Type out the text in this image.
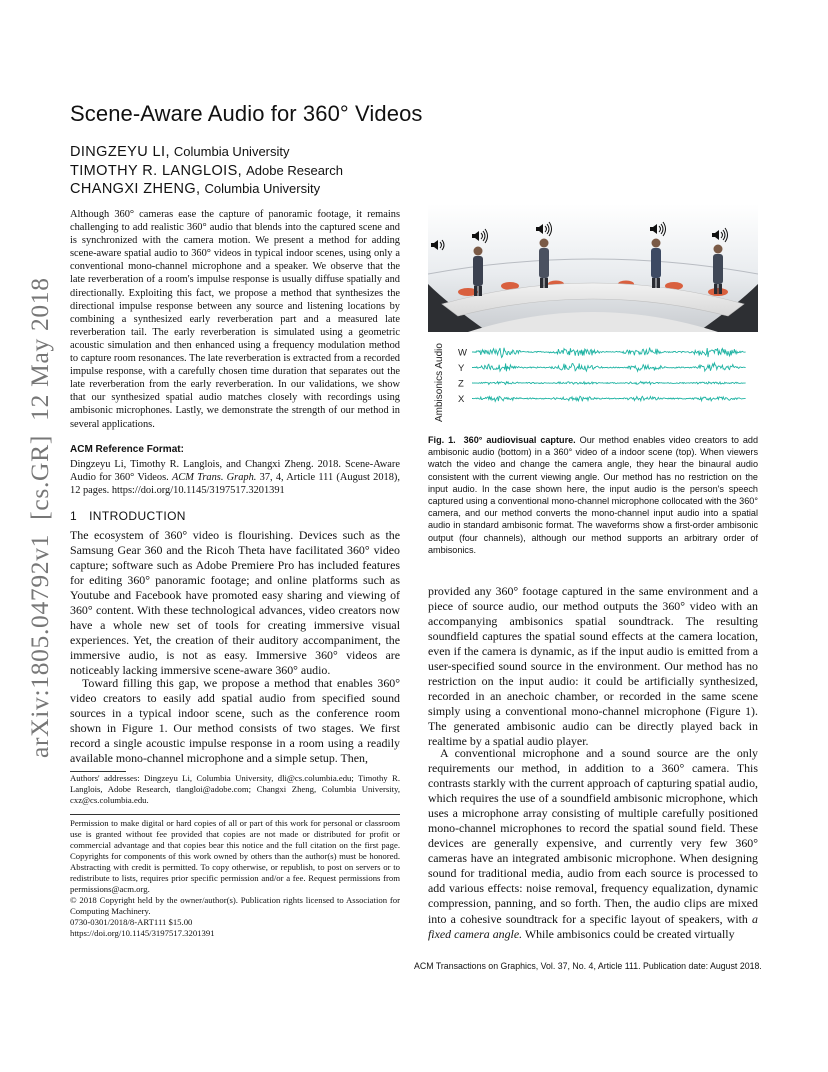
arXiv:1805.04792v1  [cs.GR]  12 May 2018
Scene-Aware Audio for 360° Videos
DINGZEYU LI, Columbia University
TIMOTHY R. LANGLOIS, Adobe Research
CHANGXI ZHENG, Columbia University

Although 360° cameras ease the capture of panoramic footage, it remains challenging to add realistic 360° audio that blends into the captured scene and is synchronized with the camera motion. We present a method for adding scene-aware spatial audio to 360° videos in typical indoor scenes, using only a conventional mono-channel microphone and a speaker. We observe that the late reverberation of a room's impulse response is usually diffuse spatially and directionally. Exploiting this fact, we propose a method that synthesizes the directional impulse response between any source and listening locations by combining a synthesized early reverberation part and a measured late reverberation tail. The early reverberation is simulated using a geometric acoustic simulation and then enhanced using a frequency modulation method to capture room resonances. The late reverberation is extracted from a recorded impulse response, with a carefully chosen time duration that separates out the late reverberation from the early reverberation. In our validations, we show that our synthesized spatial audio matches closely with recordings using ambisonic microphones. Lastly, we demonstrate the strength of our method in several applications.

ACM Reference Format:
Dingzeyu Li, Timothy R. Langlois, and Changxi Zheng. 2018. Scene-Aware Audio for 360° Videos. ACM Trans. Graph. 37, 4, Article 111 (August 2018), 12 pages. https://doi.org/10.1145/3197517.3201391
1 INTRODUCTION

The ecosystem of 360° video is flourishing. Devices such as the Samsung Gear 360 and the Ricoh Theta have facilitated 360° video capture; software such as Adobe Premiere Pro has included features for editing 360° panoramic footage; and online platforms such as Youtube and Facebook have promoted easy sharing and viewing of 360° content. With these technological advances, video creators now have a whole new set of tools for creating immersive visual experiences. Yet, the creation of their auditory accompaniment, the immersive audio, is not as easy. Immersive 360° videos are noticeably lacking immersive scene-aware 360° audio.

Toward filling this gap, we propose a method that enables 360° video creators to easily add spatial audio from specified sound sources in a typical indoor scene, such as the conference room shown in Figure 1. Our method consists of two stages. We first record a single acoustic impulse response in a room using a readily available mono-channel microphone and a simple setup. Then,

Authors' addresses: Dingzeyu Li, Columbia University, dli@cs.columbia.edu; Timothy R. Langlois, Adobe Research, tlangloi@adobe.com; Changxi Zheng, Columbia University, cxz@cs.columbia.edu.

Permission to make digital or hard copies of all or part of this work for personal or classroom use is granted without fee provided that copies are not made or distributed for profit or commercial advantage and that copies bear this notice and the full citation on the first page. Copyrights for components of this work owned by others than the author(s) must be honored. Abstracting with credit is permitted. To copy otherwise, or republish, to post on servers or to redistribute to lists, requires prior specific permission and/or a fee. Request permissions from permissions@acm.org.

© 2018 Copyright held by the owner/author(s). Publication rights licensed to Association for Computing Machinery.

0730-0301/2018/8-ART111 $15.00

https://doi.org/10.1145/3197517.3201391

Ambisonics Audio W
Y
Z
X

Fig. 1. 360° audiovisual capture. Our method enables video creators to add ambisonic audio (bottom) in a 360° video of a indoor scene (top). When viewers watch the video and change the camera angle, they hear the binaural audio consistent with the current viewing angle. Our method has no restriction on the input audio. In the case shown here, the input audio is the person's speech captured using a conventional mono-channel microphone collocated with the 360° camera, and our method converts the mono-channel input audio into a spatial audio in standard ambisonic format. The waveforms show a first-order ambisonic output (four channels), although our method supports an arbitrary order of ambisonics.

provided any 360° footage captured in the same environment and a piece of source audio, our method outputs the 360° video with an accompanying ambisonics spatial soundtrack. The resulting soundfield captures the spatial sound effects at the camera location, even if the camera is dynamic, as if the input audio is emitted from a user-specified sound source in the environment. Our method has no restriction on the input audio: it could be artificially synthesized, recorded in an anechoic chamber, or recorded in the same scene simply using a conventional mono-channel microphone (Figure 1). The generated ambisonic audio can be directly played back in realtime by a spatial audio player.

A conventional microphone and a sound source are the only requirements our method, in addition to a 360° camera. This contrasts starkly with the current approach of capturing spatial audio, which requires the use of a soundfield ambisonic microphone, which uses a microphone array consisting of multiple carefully positioned mono-channel microphones to record the spatial sound field. These devices are generally expensive, and currently very few 360° cameras have an integrated ambisonic microphone. When designing sound for traditional media, audio from each source is processed to add various effects: noise removal, frequency equalization, dynamic compression, panning, and so forth. Then, the audio clips are mixed into a cohesive soundtrack for a specific layout of speakers, with a fixed camera angle. While ambisonics could be created virtually

ACM Transactions on Graphics, Vol. 37, No. 4, Article 111. Publication date: August 2018.
